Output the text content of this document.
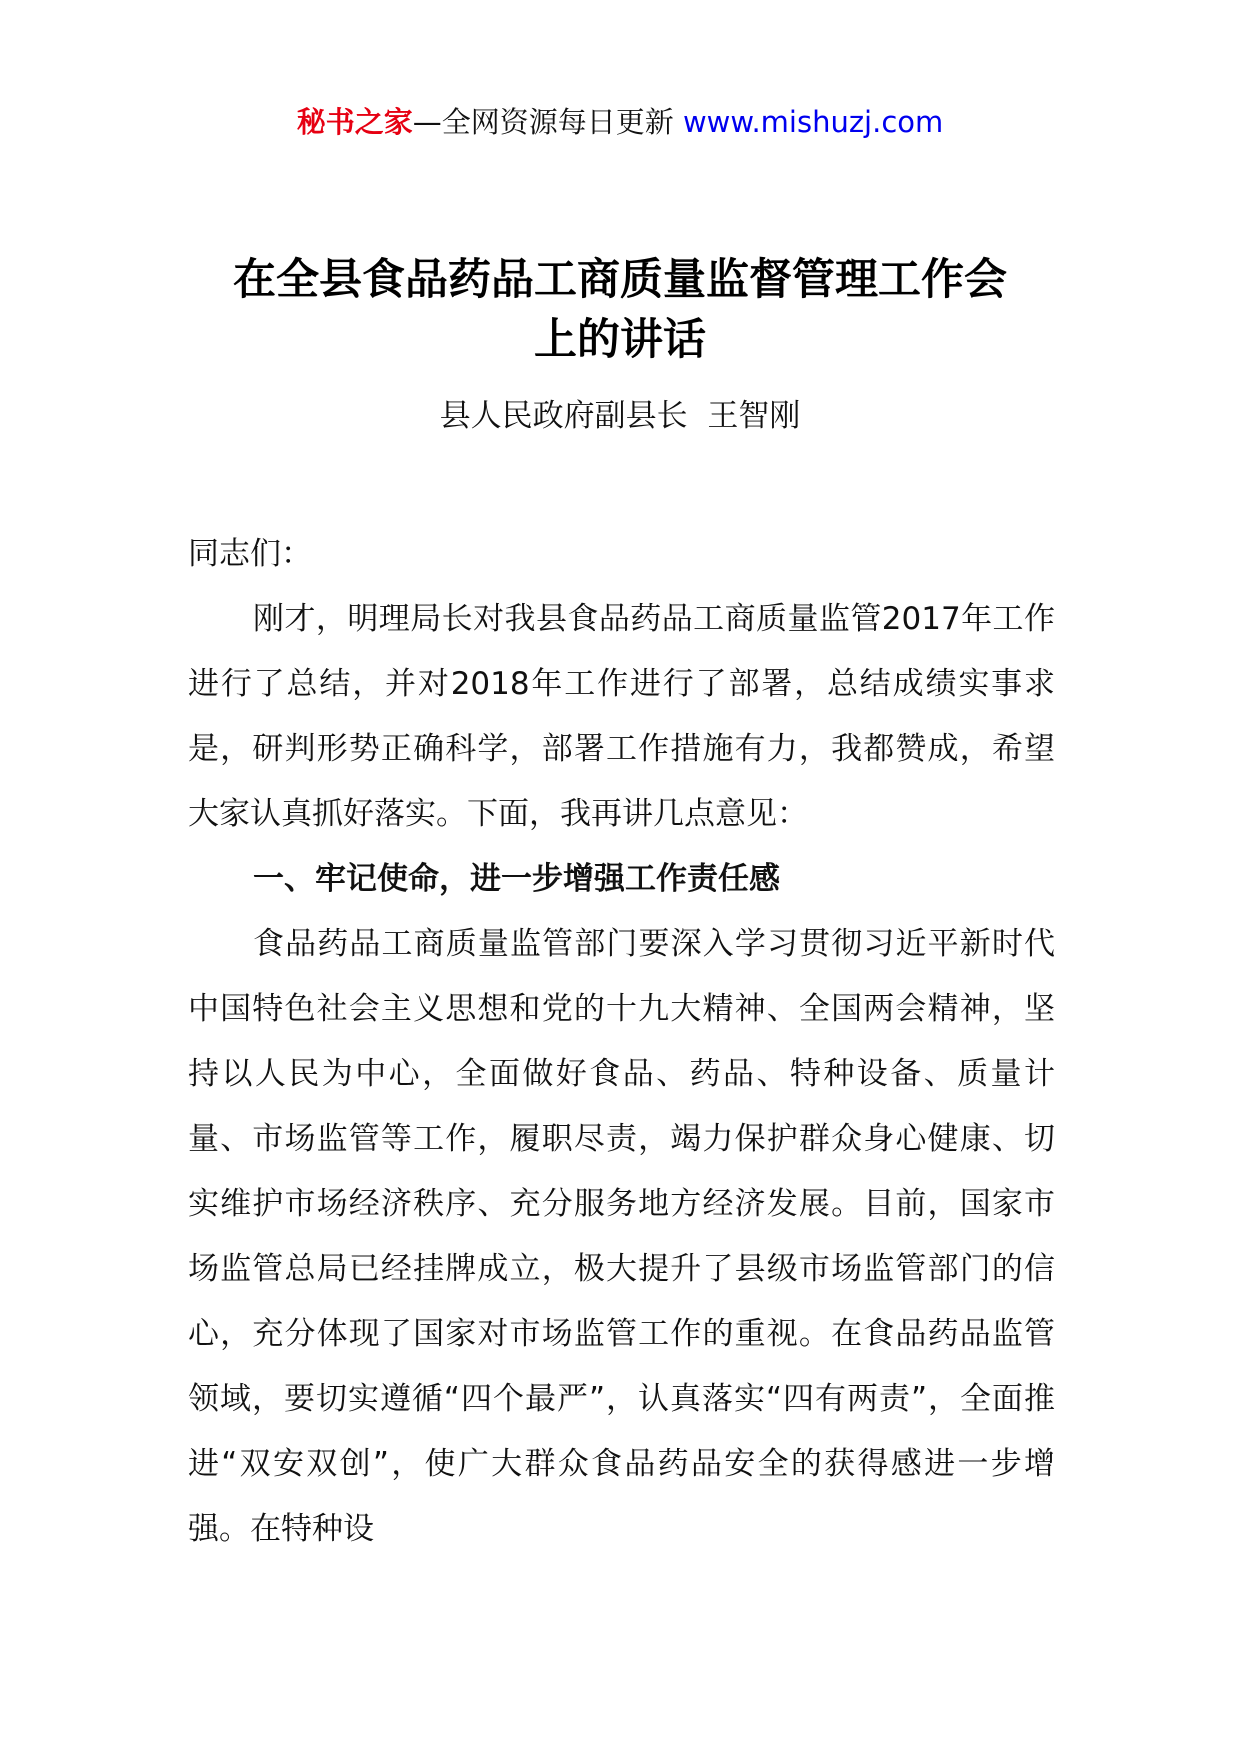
秘书之家—全网资源每日更新 www.mishuzj.com
在全县食品药品工商质量监督管理工作会
上的讲话
县人民政府副县长  王智刚

同志们：

刚才，明理局长对我县食品药品工商质量监管2017年工作进行了总结，并对2018年工作进行了部署，总结成绩实事求是，研判形势正确科学，部署工作措施有力，我都赞成，希望大家认真抓好落实。下面，我再讲几点意见：

一、牢记使命，进一步增强工作责任感

食品药品工商质量监管部门要深入学习贯彻习近平新时代中国特色社会主义思想和党的十九大精神、全国两会精神，坚持以人民为中心，全面做好食品、药品、特种设备、质量计量、市场监管等工作，履职尽责，竭力保护群众身心健康、切实维护市场经济秩序、充分服务地方经济发展。目前，国家市场监管总局已经挂牌成立，极大提升了县级市场监管部门的信心，充分体现了国家对市场监管工作的重视。在食品药品监管领域，要切实遵循“四个最严”，认真落实“四有两责”，全面推进“双安双创”，使广大群众食品药品安全的获得感进一步增强。在特种设
